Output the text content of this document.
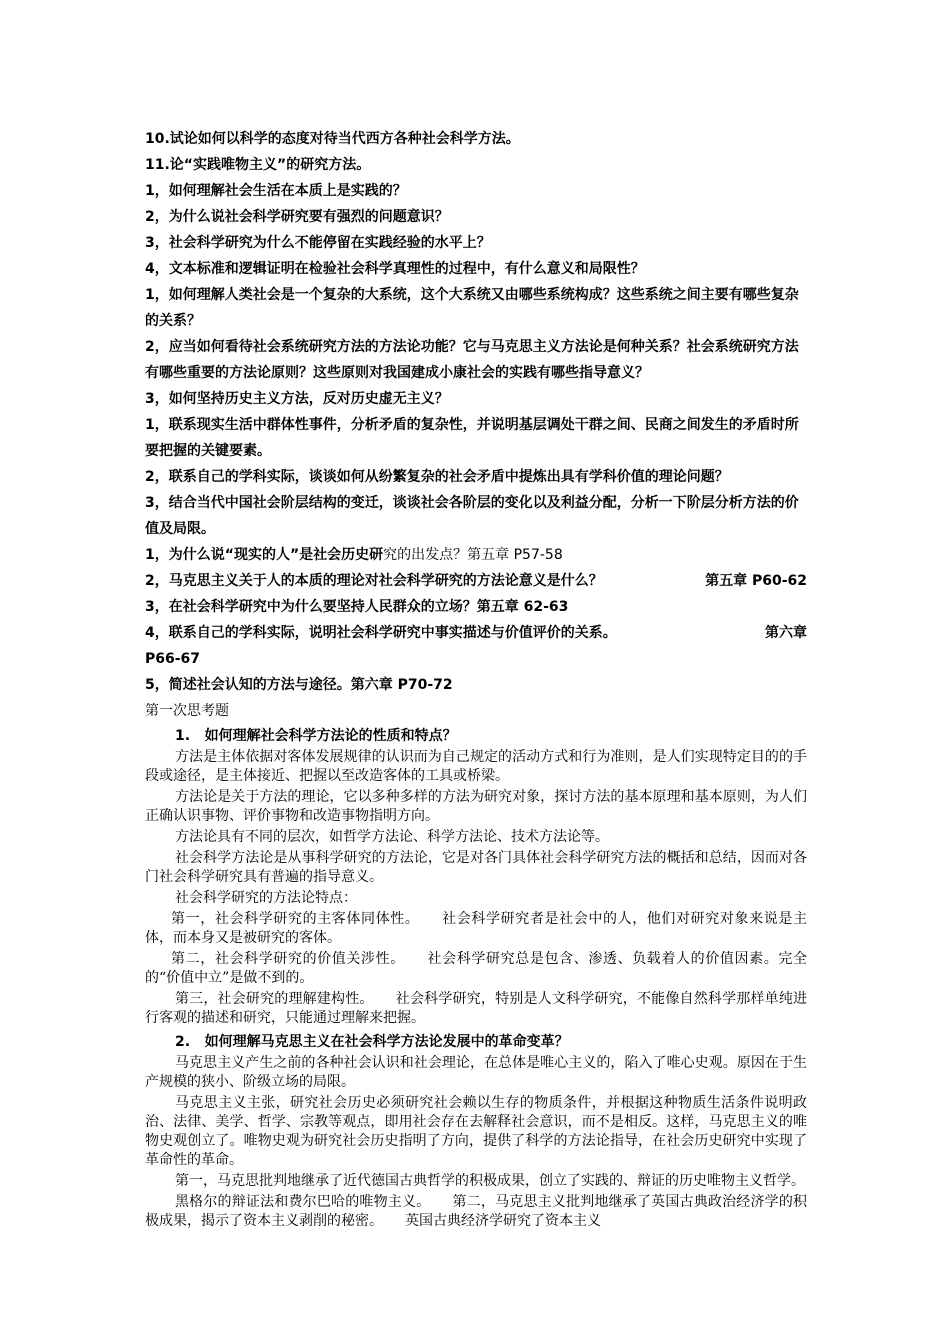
10.试论如何以科学的态度对待当代西方各种社会科学方法。
11.论“实践唯物主义”的研究方法。
1，如何理解社会生活在本质上是实践的？
2，为什么说社会科学研究要有强烈的问题意识？
3，社会科学研究为什么不能停留在实践经验的水平上？
4，文本标准和逻辑证明在检验社会科学真理性的过程中，有什么意义和局限性？
1，如何理解人类社会是一个复杂的大系统，这个大系统又由哪些系统构成？这些系统之间主要有哪些复杂的关系？
2，应当如何看待社会系统研究方法的方法论功能？它与马克思主义方法论是何种关系？社会系统研究方法有哪些重要的方法论原则？这些原则对我国建成小康社会的实践有哪些指导意义？
3，如何坚持历史主义方法，反对历史虚无主义？
1，联系现实生活中群体性事件，分析矛盾的复杂性，并说明基层调处干群之间、民商之间发生的矛盾时所要把握的关键要素。
2，联系自己的学科实际，谈谈如何从纷繁复杂的社会矛盾中提炼出具有学科价值的理论问题？
3，结合当代中国社会阶层结构的变迁，谈谈社会各阶层的变化以及利益分配，分析一下阶层分析方法的价值及局限。
1，为什么说“现实的人”是社会历史研究的出发点？第五章 P57-58
2，马克思主义关于人的本质的理论对社会科学研究的方法论意义是什么？	第五章 P60-62
3，在社会科学研究中为什么要坚持人民群众的立场？第五章 62-63
4，联系自己的学科实际，说明社会科学研究中事实描述与价值评价的关系。	第六章
P66-67
5，简述社会认知的方法与途径。第六章 P70-72
第一次思考题
1.   如何理解社会科学方法论的性质和特点？
方法是主体依据对客体发展规律的认识而为自己规定的活动方式和行为准则，是人们实现特定目的的手段或途径，是主体接近、把握以至改造客体的工具或桥梁。
方法论是关于方法的理论，它以多种多样的方法为研究对象，探讨方法的基本原理和基本原则，为人们正确认识事物、评价事物和改造事物指明方向。
方法论具有不同的层次，如哲学方法论、科学方法论、技术方法论等。
社会科学方法论是从事科学研究的方法论，它是对各门具体社会科学研究方法的概括和总结，因而对各门社会科学研究具有普遍的指导意义。
社会科学研究的方法论特点：
第一，社会科学研究的主客体同体性。 社会科学研究者是社会中的人，他们对研究对象来说是主体，而本身又是被研究的客体。
第二，社会科学研究的价值关涉性。 社会科学研究总是包含、渗透、负载着人的价值因素。完全的“价值中立”是做不到的。
第三，社会研究的理解建构性。 社会科学研究，特别是人文科学研究，不能像自然科学那样单纯进行客观的描述和研究，只能通过理解来把握。
2.   如何理解马克思主义在社会科学方法论发展中的革命变革？
马克思主义产生之前的各种社会认识和社会理论，在总体是唯心主义的，陷入了唯心史观。原因在于生产规模的狭小、阶级立场的局限。
马克思主义主张，研究社会历史必须研究社会赖以生存的物质条件，并根据这种物质生活条件说明政治、法律、美学、哲学、宗教等观点，即用社会存在去解释社会意识，而不是相反。这样，马克思主义的唯物史观创立了。唯物史观为研究社会历史指明了方向，提供了科学的方法论指导，在社会历史研究中实现了革命性的革命。
第一，马克思批判地继承了近代德国古典哲学的积极成果，创立了实践的、辩证的历史唯物主义哲学。
黑格尔的辩证法和费尔巴哈的唯物主义。 第二，马克思主义批判地继承了英国古典政治经济学的积极成果，揭示了资本主义剥削的秘密。 英国古典经济学研究了资本主义
